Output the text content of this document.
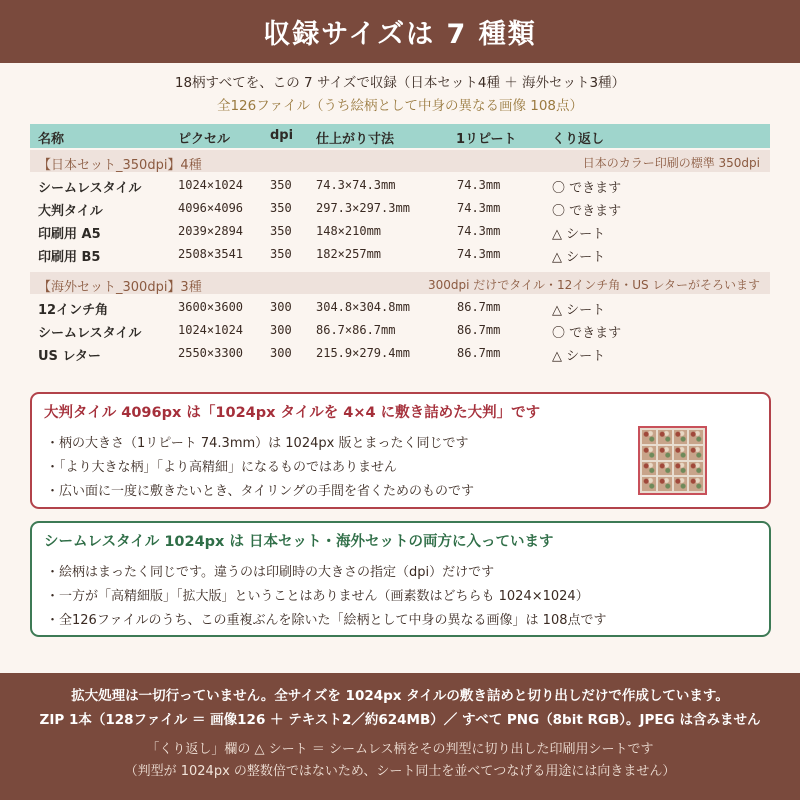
収録サイズは 7 種類
18柄すべてを、この 7 サイズで収録（日本セット4種 ＋ 海外セット3種）
全126ファイル（うち絵柄として中身の異なる画像 108点）
名称	ピクセル	dpi 仕上がり寸法	1リピート	くり返し
【日本セット_350dpi】4種	日本のカラー印刷の標準 350dpi
シームレスタイル	1024×1024 350 74.3×74.3mm	74.3mm	〇 できます
大判タイル	4096×4096 350 297.3×297.3mm	74.3mm	〇 できます
印刷用 A5	2039×2894 350 148×210mm	74.3mm	△ シート
印刷用 B5	2508×3541 350 182×257mm	74.3mm	△ シート
【海外セット_300dpi】3種	300dpi だけでタイル・12インチ角・US レターがそろいます
12インチ角	3600×3600 300 304.8×304.8mm	86.7mm	△ シート
シームレスタイル	1024×1024 300 86.7×86.7mm	86.7mm	〇 できます
US レター	2550×3300 300 215.9×279.4mm	86.7mm	△ シート
大判タイル 4096px は「1024px タイルを 4×4 に敷き詰めた大判」です
・柄の大きさ（1リピート 74.3mm）は 1024px 版とまったく同じです
・「より大きな柄」「より高精細」になるものではありません
・広い面に一度に敷きたいとき、タイリングの手間を省くためのものです
シームレスタイル 1024px は 日本セット・海外セットの両方に入っています
・絵柄はまったく同じです。違うのは印刷時の大きさの指定（dpi）だけです
・一方が「高精細版」「拡大版」ということはありません（画素数はどちらも 1024×1024）
・全126ファイルのうち、この重複ぶんを除いた「絵柄として中身の異なる画像」は 108点です
拡大処理は一切行っていません。全サイズを 1024px タイルの敷き詰めと切り出しだけで作成しています。
ZIP 1本（128ファイル ＝ 画像126 ＋ テキスト2／約624MB）／ すべて PNG（8bit RGB）。JPEG は含みません
「くり返し」欄の △ シート ＝ シームレス柄をその判型に切り出した印刷用シートです
（判型が 1024px の整数倍ではないため、シート同士を並べてつなげる用途には向きません）
